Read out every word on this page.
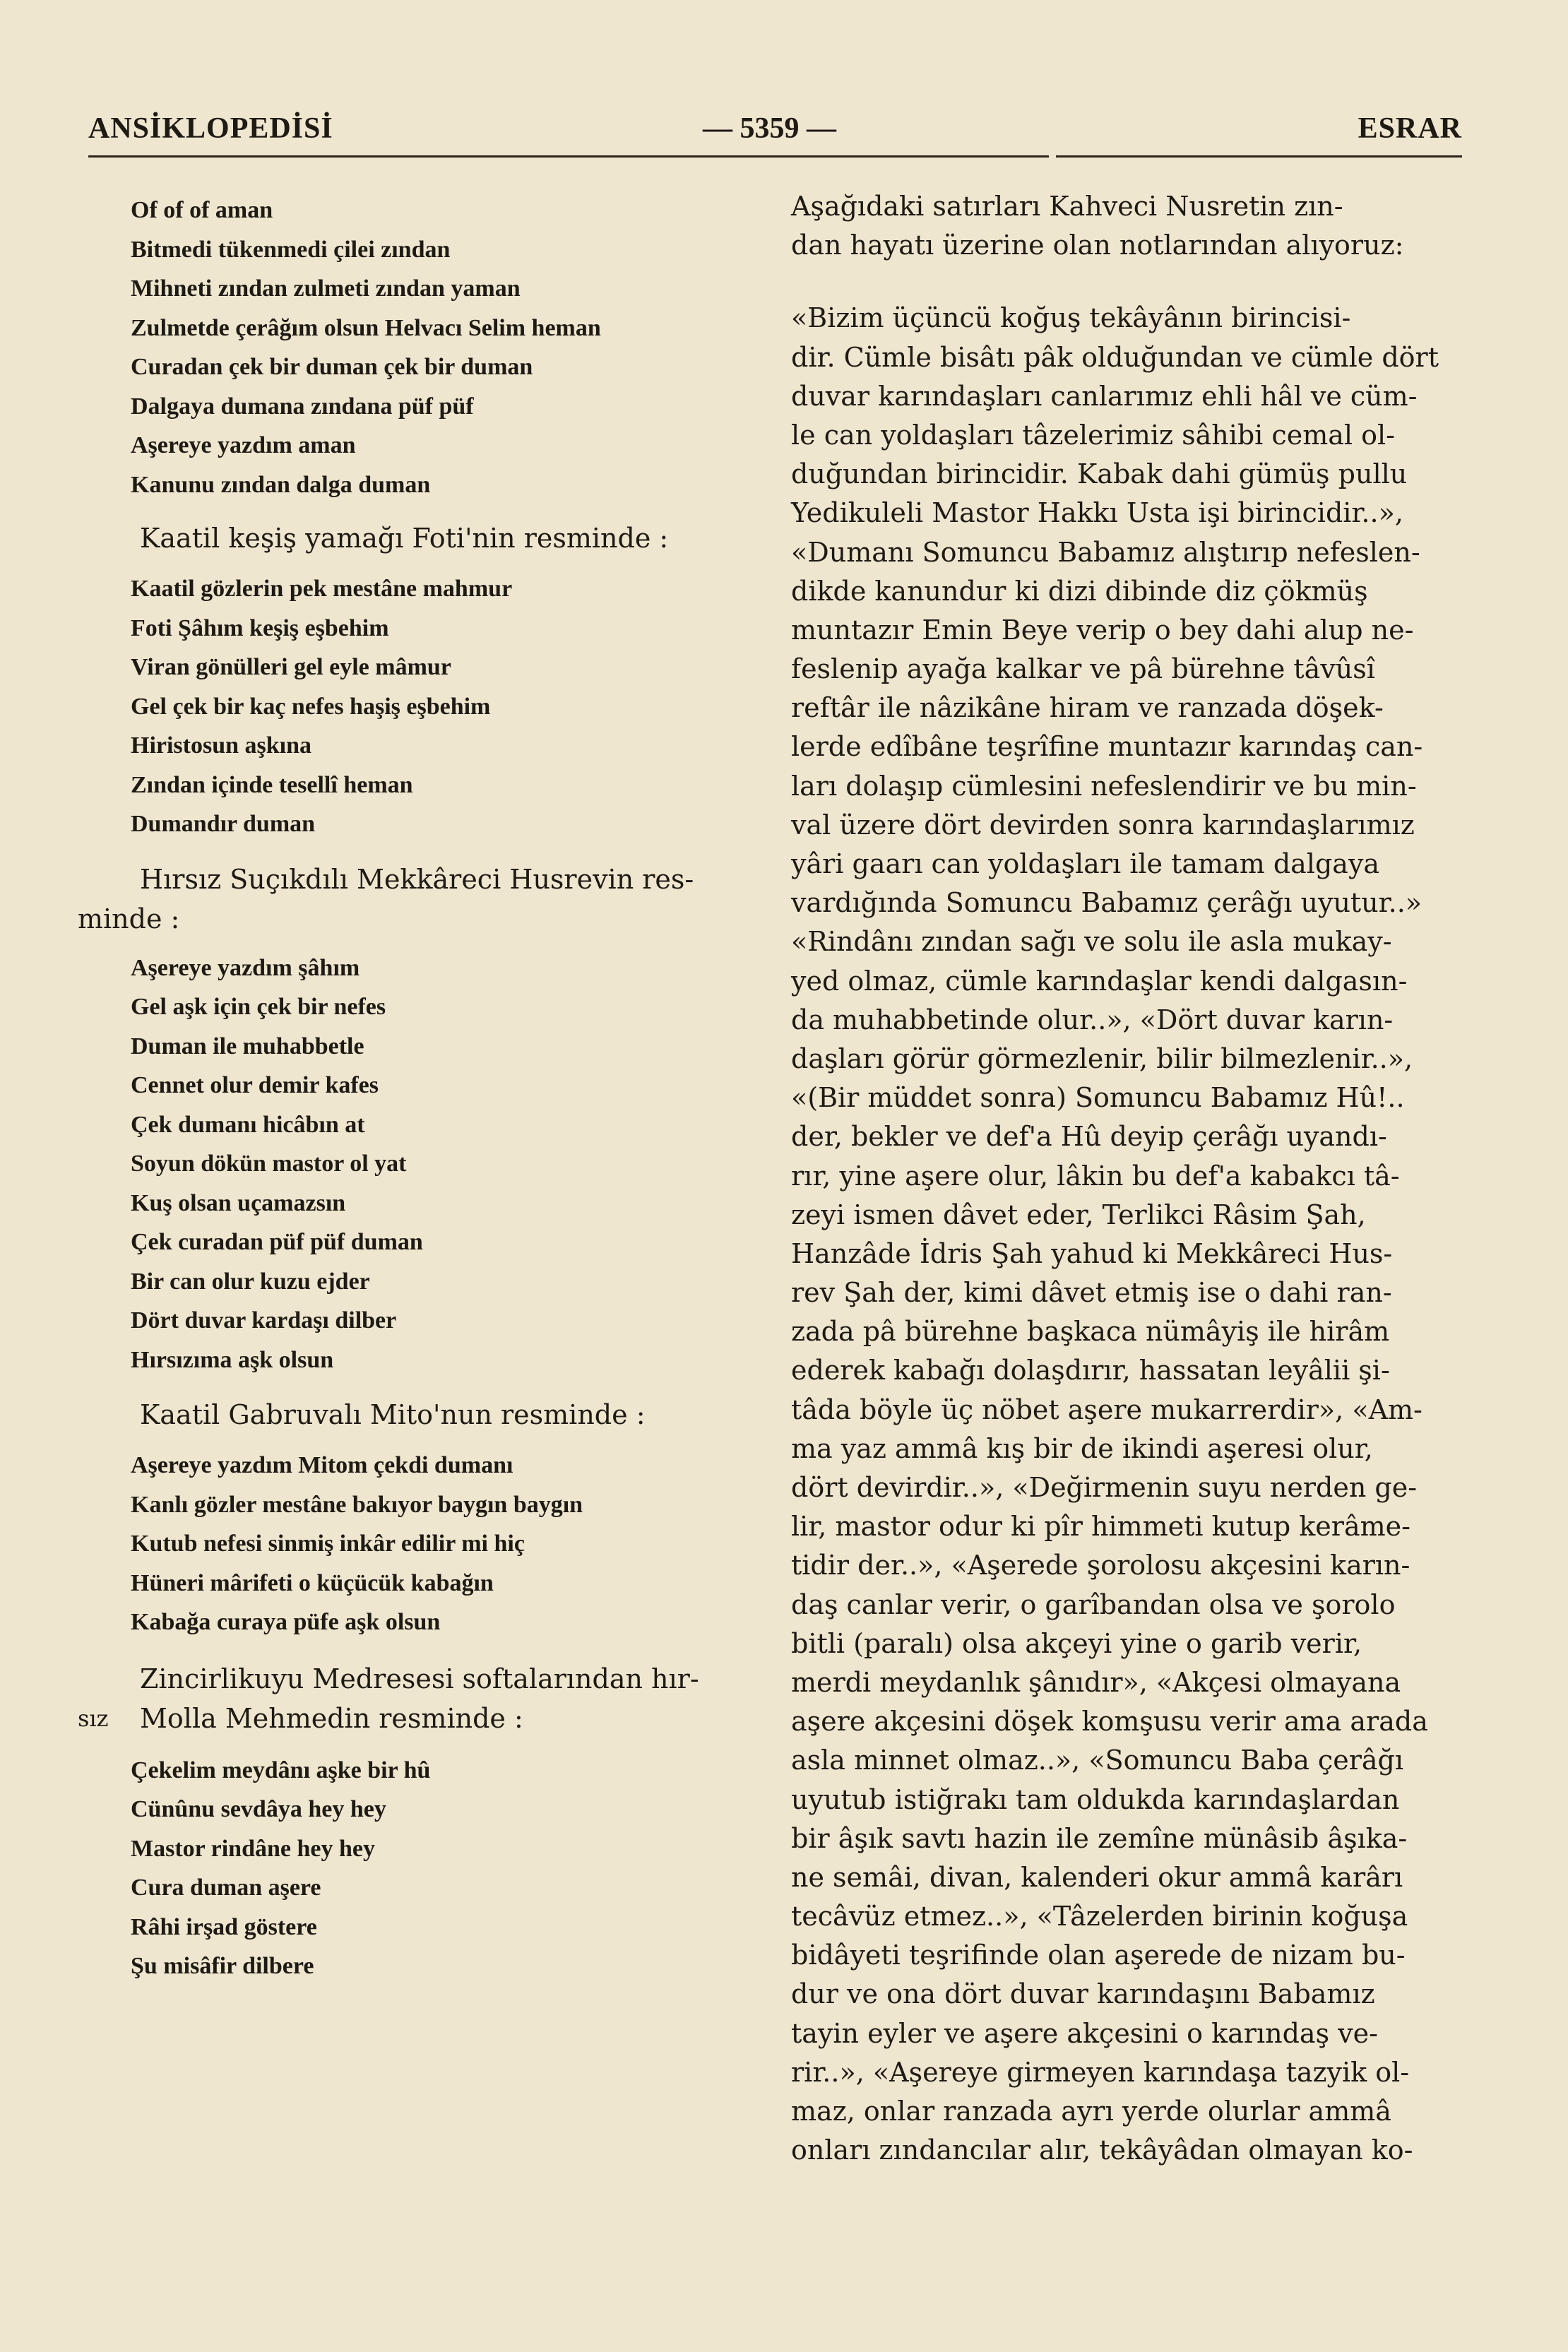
ANSİKLOPEDİSİ	— 5359 —	ESRAR
Of of of aman
Bitmedi tükenmedi çilei zından
Mihneti zından zulmeti zından yaman
Zulmetde çerâğım olsun Helvacı Selim heman
Curadan çek bir duman çek bir duman
Dalgaya dumana zındana püf püf
Aşereye yazdım aman
Kanunu zından dalga duman
Kaatil keşiş yamağı Foti'nin resminde :
Kaatil gözlerin pek mestâne mahmur
Foti Şâhım keşiş eşbehim
Viran gönülleri gel eyle mâmur
Gel çek bir kaç nefes haşiş eşbehim
Hiristosun aşkına
Zından içinde tesellî heman
Dumandır duman
Hırsız Suçıkdılı Mekkâreci Husrevin res-
minde :
Aşereye yazdım şâhım
Gel aşk için çek bir nefes
Duman ile muhabbetle
Cennet olur demir kafes
Çek dumanı hicâbın at
Soyun dökün mastor ol yat
Kuş olsan uçamazsın
Çek curadan püf püf duman
Bir can olur kuzu ejder
Dört duvar kardaşı dilber
Hırsızıma aşk olsun
Kaatil Gabruvalı Mito'nun resminde :
Aşereye yazdım Mitom çekdi dumanı
Kanlı gözler mestâne bakıyor baygın baygın
Kutub nefesi sinmiş inkâr edilir mi hiç
Hüneri mârifeti o küçücük kabağın
Kabağa curaya püfe aşk olsun
Zincirlikuyu Medresesi softalarından hır-
sız Molla Mehmedin resminde :
Çekelim meydânı aşke bir hû
Cünûnu sevdâya hey hey
Mastor rindâne hey hey
Cura duman aşere
Râhi irşad göstere
Şu misâfir dilbere
Aşağıdaki satırları Kahveci Nusretin zın-
dan hayatı üzerine olan notlarından alıyoruz:
«Bizim üçüncü koğuş tekâyânın birincisi-
dir. Cümle bisâtı pâk olduğundan ve cümle dört
duvar karındaşları canlarımız ehli hâl ve cüm-
le can yoldaşları tâzelerimiz sâhibi cemal ol-
duğundan birincidir. Kabak dahi gümüş pullu
Yedikuleli Mastor Hakkı Usta işi birincidir..»,
«Dumanı Somuncu Babamız alıştırıp nefeslen-
dikde kanundur ki dizi dibinde diz çökmüş
muntazır Emin Beye verip o bey dahi alup ne-
feslenip ayağa kalkar ve pâ bürehne tâvûsî
reftâr ile nâzikâne hiram ve ranzada döşek-
lerde edîbâne teşrîfine muntazır karındaş can-
ları dolaşıp cümlesini nefeslendirir ve bu min-
val üzere dört devirden sonra karındaşlarımız
yâri gaarı can yoldaşları ile tamam dalgaya
vardığında Somuncu Babamız çerâğı uyutur..»
«Rindânı zından sağı ve solu ile asla mukay-
yed olmaz, cümle karındaşlar kendi dalgasın-
da muhabbetinde olur..», «Dört duvar karın-
daşları görür görmezlenir, bilir bilmezlenir..»,
«(Bir müddet sonra) Somuncu Babamız Hû!..
der, bekler ve def'a Hû deyip çerâğı uyandı-
rır, yine aşere olur, lâkin bu def'a kabakcı tâ-
zeyi ismen dâvet eder, Terlikci Râsim Şah,
Hanzâde İdris Şah yahud ki Mekkâreci Hus-
rev Şah der, kimi dâvet etmiş ise o dahi ran-
zada pâ bürehne başkaca nümâyiş ile hirâm
ederek kabağı dolaşdırır, hassatan leyâlii şi-
tâda böyle üç nöbet aşere mukarrerdir», «Am-
ma yaz ammâ kış bir de ikindi aşeresi olur,
dört devirdir..», «Değirmenin suyu nerden ge-
lir, mastor odur ki pîr himmeti kutup kerâme-
tidir der..», «Aşerede şorolosu akçesini karın-
daş canlar verir, o garîbandan olsa ve şorolo
bitli (paralı) olsa akçeyi yine o garib verir,
merdi meydanlık şânıdır», «Akçesi olmayana
aşere akçesini döşek komşusu verir ama arada
asla minnet olmaz..», «Somuncu Baba çerâğı
uyutub istiğrakı tam oldukda karındaşlardan
bir âşık savtı hazin ile zemîne münâsib âşıka-
ne semâi, divan, kalenderi okur ammâ karârı
tecâvüz etmez..», «Tâzelerden birinin koğuşa
bidâyeti teşrifinde olan aşerede de nizam bu-
dur ve ona dört duvar karındaşını Babamız
tayin eyler ve aşere akçesini o karındaş ve-
rir..», «Aşereye girmeyen karındaşa tazyik ol-
maz, onlar ranzada ayrı yerde olurlar ammâ
onları zındancılar alır, tekâyâdan olmayan ko-
